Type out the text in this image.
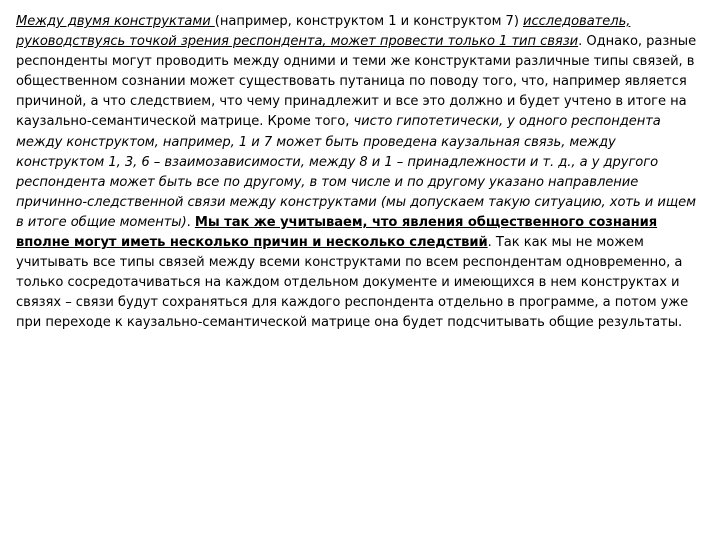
Между двумя конструктами (например, конструктом 1 и конструктом 7) исследователь, руководствуясь точкой зрения респондента, может провести только 1 тип связи. Однако, разные респонденты могут проводить между одними и теми же конструктами различные типы связей, в общественном сознании может существовать путаница по поводу того, что, например является причиной, а что следствием, что чему принадлежит и все это должно и будет учтено в итоге на каузально-семантической матрице. Кроме того, чисто гипотетически, у одного респондента между конструктом, например, 1 и 7 может быть проведена каузальная связь, между конструктом 1, 3, 6 – взаимозависимости, между 8 и 1 – принадлежности и т. д., а у другого респондента может быть все по другому, в том числе и по другому указано направление причинно-следственной связи между конструктами (мы допускаем такую ситуацию, хоть и ищем в итоге общие моменты). Мы так же учитываем, что явления общественного сознания вполне могут иметь несколько причин и несколько следствий. Так как мы не можем учитывать все типы связей между всеми конструктами по всем респондентам одновременно, а только сосредотачиваться на каждом отдельном документе и имеющихся в нем конструктах и связях – связи будут сохраняться для каждого респондента отдельно в программе, а потом уже при переходе к каузально-семантической матрице она будет подсчитывать общие результаты.
